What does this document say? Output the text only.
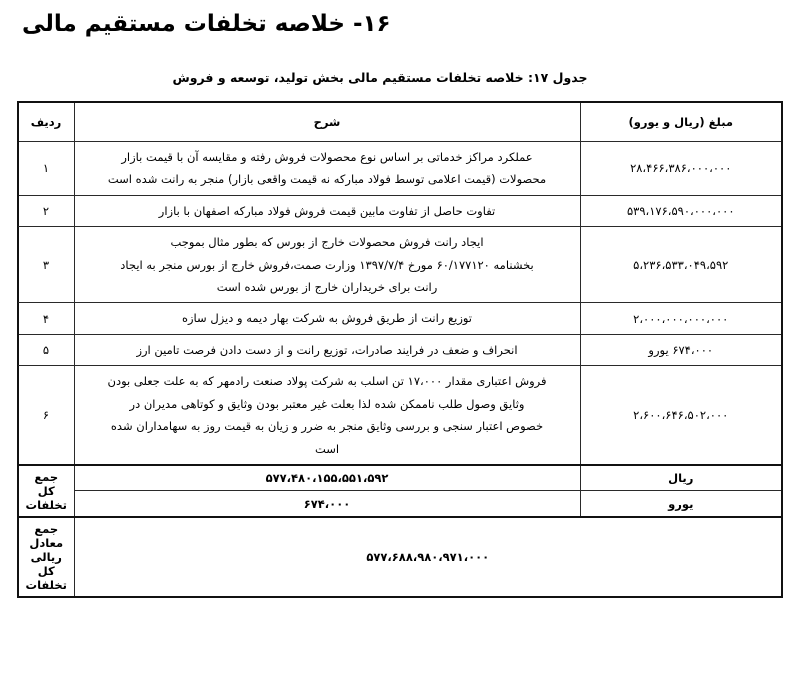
۱۶- خلاصه تخلفات مستقیم مالی
جدول ۱۷: خلاصه تخلفات مستقیم مالی بخش تولید، توسعه و فروش
مبلغ (ریال و یورو)	شرح	ردیف
۲۸،۴۶۶،۳۸۶،۰۰۰،۰۰۰	عملکرد مراکز خدماتی بر اساس نوع محصولات فروش رفته و مقایسه آن با قیمت بازار
محصولات (قیمت اعلامی توسط فولاد مبارکه نه قیمت واقعی بازار) منجر به رانت شده است	۱
۵۳۹،۱۷۶،۵۹۰،۰۰۰،۰۰۰	تفاوت حاصل از تفاوت مابین قیمت فروش فولاد مبارکه اصفهان با بازار	۲
۵،۲۳۶،۵۳۳،۰۴۹،۵۹۲	ایجاد رانت فروش محصولات خارج از بورس که بطور مثال بموجب
بخشنامه ۶۰/۱۷۷۱۲۰ مورخ ۱۳۹۷/۷/۴ وزارت صمت،فروش خارج از بورس منجر به ایجاد
رانت برای خریداران خارج از بورس شده است	۳
۲،۰۰۰،۰۰۰،۰۰۰،۰۰۰	توزیع رانت از طریق فروش به شرکت بهار دیمه و دیزل سازه	۴
۶۷۴،۰۰۰ یورو	انحراف و ضعف در فرایند صادرات، توزیع رانت و از دست دادن فرصت تامین ارز	۵
۲،۶۰۰،۶۴۶،۵۰۲،۰۰۰	فروش اعتباری مقدار ۱۷،۰۰۰ تن اسلب به شرکت پولاد صنعت رادمهر که به علت جعلی بودن
وثایق وصول طلب ناممکن شده لذا بعلت غیر معتبر بودن وثایق و کوتاهی مدیران در
خصوص اعتبار سنجی و بررسی وثایق منجر به ضرر و زیان به قیمت روز به سهامداران شده
است	۶
ریال	۵۷۷،۴۸۰،۱۵۵،۵۵۱،۵۹۲	جمع کل تخلفات
یورو	۶۷۴،۰۰۰	
۵۷۷،۶۸۸،۹۸۰،۹۷۱،۰۰۰		جمع معادل ریالی کل تخلفات
